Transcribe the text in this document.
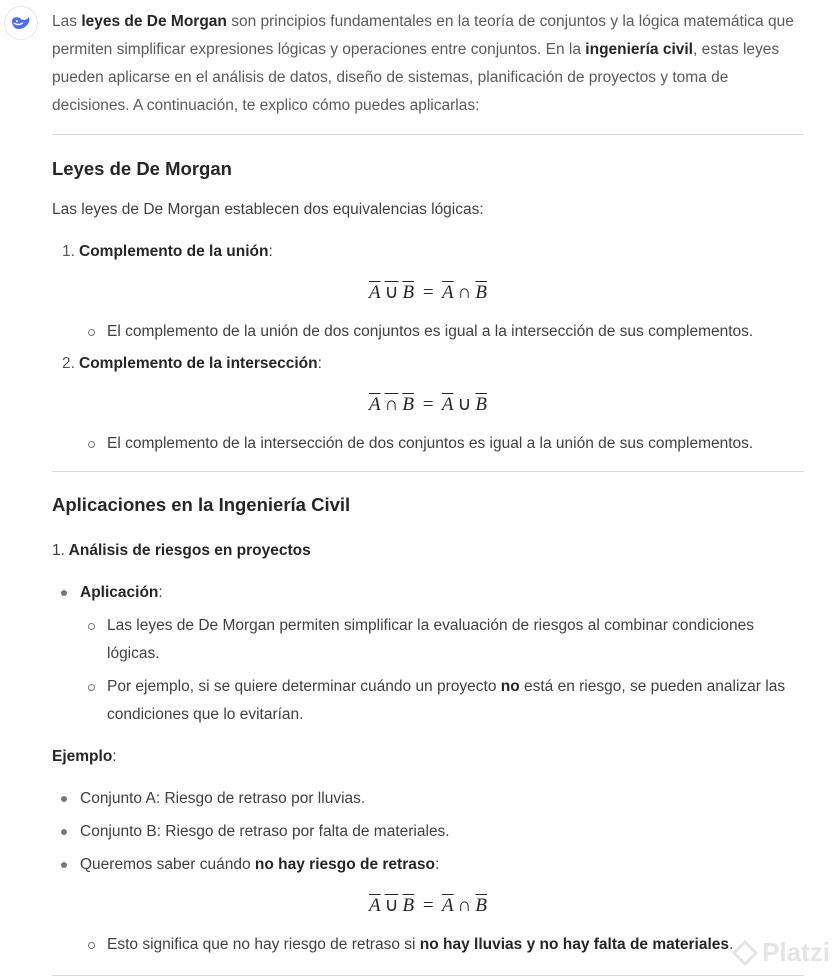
Las leyes de De Morgan son principios fundamentales en la teoría de conjuntos y la lógica matemática que permiten simplificar expresiones lógicas y operaciones entre conjuntos. En la ingeniería civil, estas leyes pueden aplicarse en el análisis de datos, diseño de sistemas, planificación de proyectos y toma de decisiones. A continuación, te explico cómo puedes aplicarlas:

Leyes de De Morgan

Las leyes de De Morgan establecen dos equivalencias lógicas:

1. Complemento de la unión:
A ∪ $B = \overline{A}$ ∩ $\overline{B}$
El complemento de la unión de dos conjuntos es igual a la intersección de sus complementos.
2. Complemento de la intersección:
A ∩ $B = \overline{A}$ ∪ $\overline{B}$
El complemento de la intersección de dos conjuntos es igual a la unión de sus complementos.
Aplicaciones en la Ingeniería Civil
1. Análisis de riesgos en proyectos
Aplicación:
Las leyes de De Morgan permiten simplificar la evaluación de riesgos al combinar condiciones lógicas.
Por ejemplo, si se quiere determinar cuándo un proyecto no está en riesgo, se pueden analizar las condiciones que lo evitarían.

Ejemplo:

Conjunto A: Riesgo de retraso por lluvias.
Conjunto B: Riesgo de retraso por falta de materiales.
Queremos saber cuándo no hay riesgo de retraso:
A ∪ $B = \overline{A}$ ∩ $\overline{B}$
Esto significa que no hay riesgo de retraso si no hay lluvias y no hay falta de materiales.	Platzi
